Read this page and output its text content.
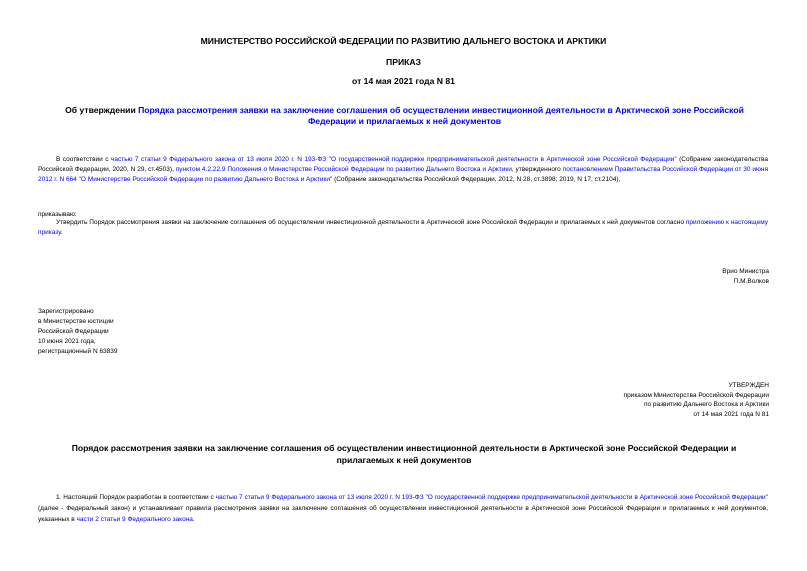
МИНИСТЕРСТВО РОССИЙСКОЙ ФЕДЕРАЦИИ ПО РАЗВИТИЮ ДАЛЬНЕГО ВОСТОКА И АРКТИКИ
ПРИКАЗ
от 14 мая 2021 года N 81
Об утверждении Порядка рассмотрения заявки на заключение соглашения об осуществлении инвестиционной деятельности в Арктической зоне Российской Федерации и прилагаемых к ней документов
В соответствии с частью 7 статьи 9 Федерального закона от 13 июля 2020 г. N 193-ФЗ "О государственной поддержке предпринимательской деятельности в Арктической зоне Российской Федерации" (Собрание законодательства Российской Федерации, 2020, N 29, ст.4503), пунктом 4.2.22.9 Положения о Министерстве Российской Федерации по развитию Дальнего Востока и Арктики, утвержденного постановлением Правительства Российской Федерации от 30 июня 2012 г. N 664 "О Министерстве Российской Федерации по развитию Дальнего Востока и Арктики" (Собрание законодательства Российской Федерации, 2012, N 28, ст.3898; 2019, N 17, ст.2104),
приказываю:
Утвердить Порядок рассмотрения заявки на заключение соглашения об осуществлении инвестиционной деятельности в Арктической зоне Российской Федерации и прилагаемых к ней документов согласно приложению к настоящему приказу.
Врио Министра
П.М.Волков
Зарегистрировано
в Министерстве юстиции
Российской Федерации
10 июня 2021 года,
регистрационный N 63839
УТВЕРЖДЕН
приказом Министерства Российской Федерации
по развитию Дальнего Востока и Арктики
от 14 мая 2021 года N 81
Порядок рассмотрения заявки на заключение соглашения об осуществлении инвестиционной деятельности в Арктической зоне Российской Федерации и прилагаемых к ней документов
1. Настоящий Порядок разработан в соответствии с частью 7 статьи 9 Федерального закона от 13 июля 2020 г. N 193-ФЗ "О государственной поддержке предпринимательской деятельности в Арктической зоне Российской Федерации" (далее - Федеральный закон) и устанавливает правила рассмотрения заявки на заключение соглашения об осуществлении инвестиционной деятельности в Арктической зоне Российской Федерации и прилагаемых к ней документов, указанных в части 2 статьи 9 Федерального закона.
